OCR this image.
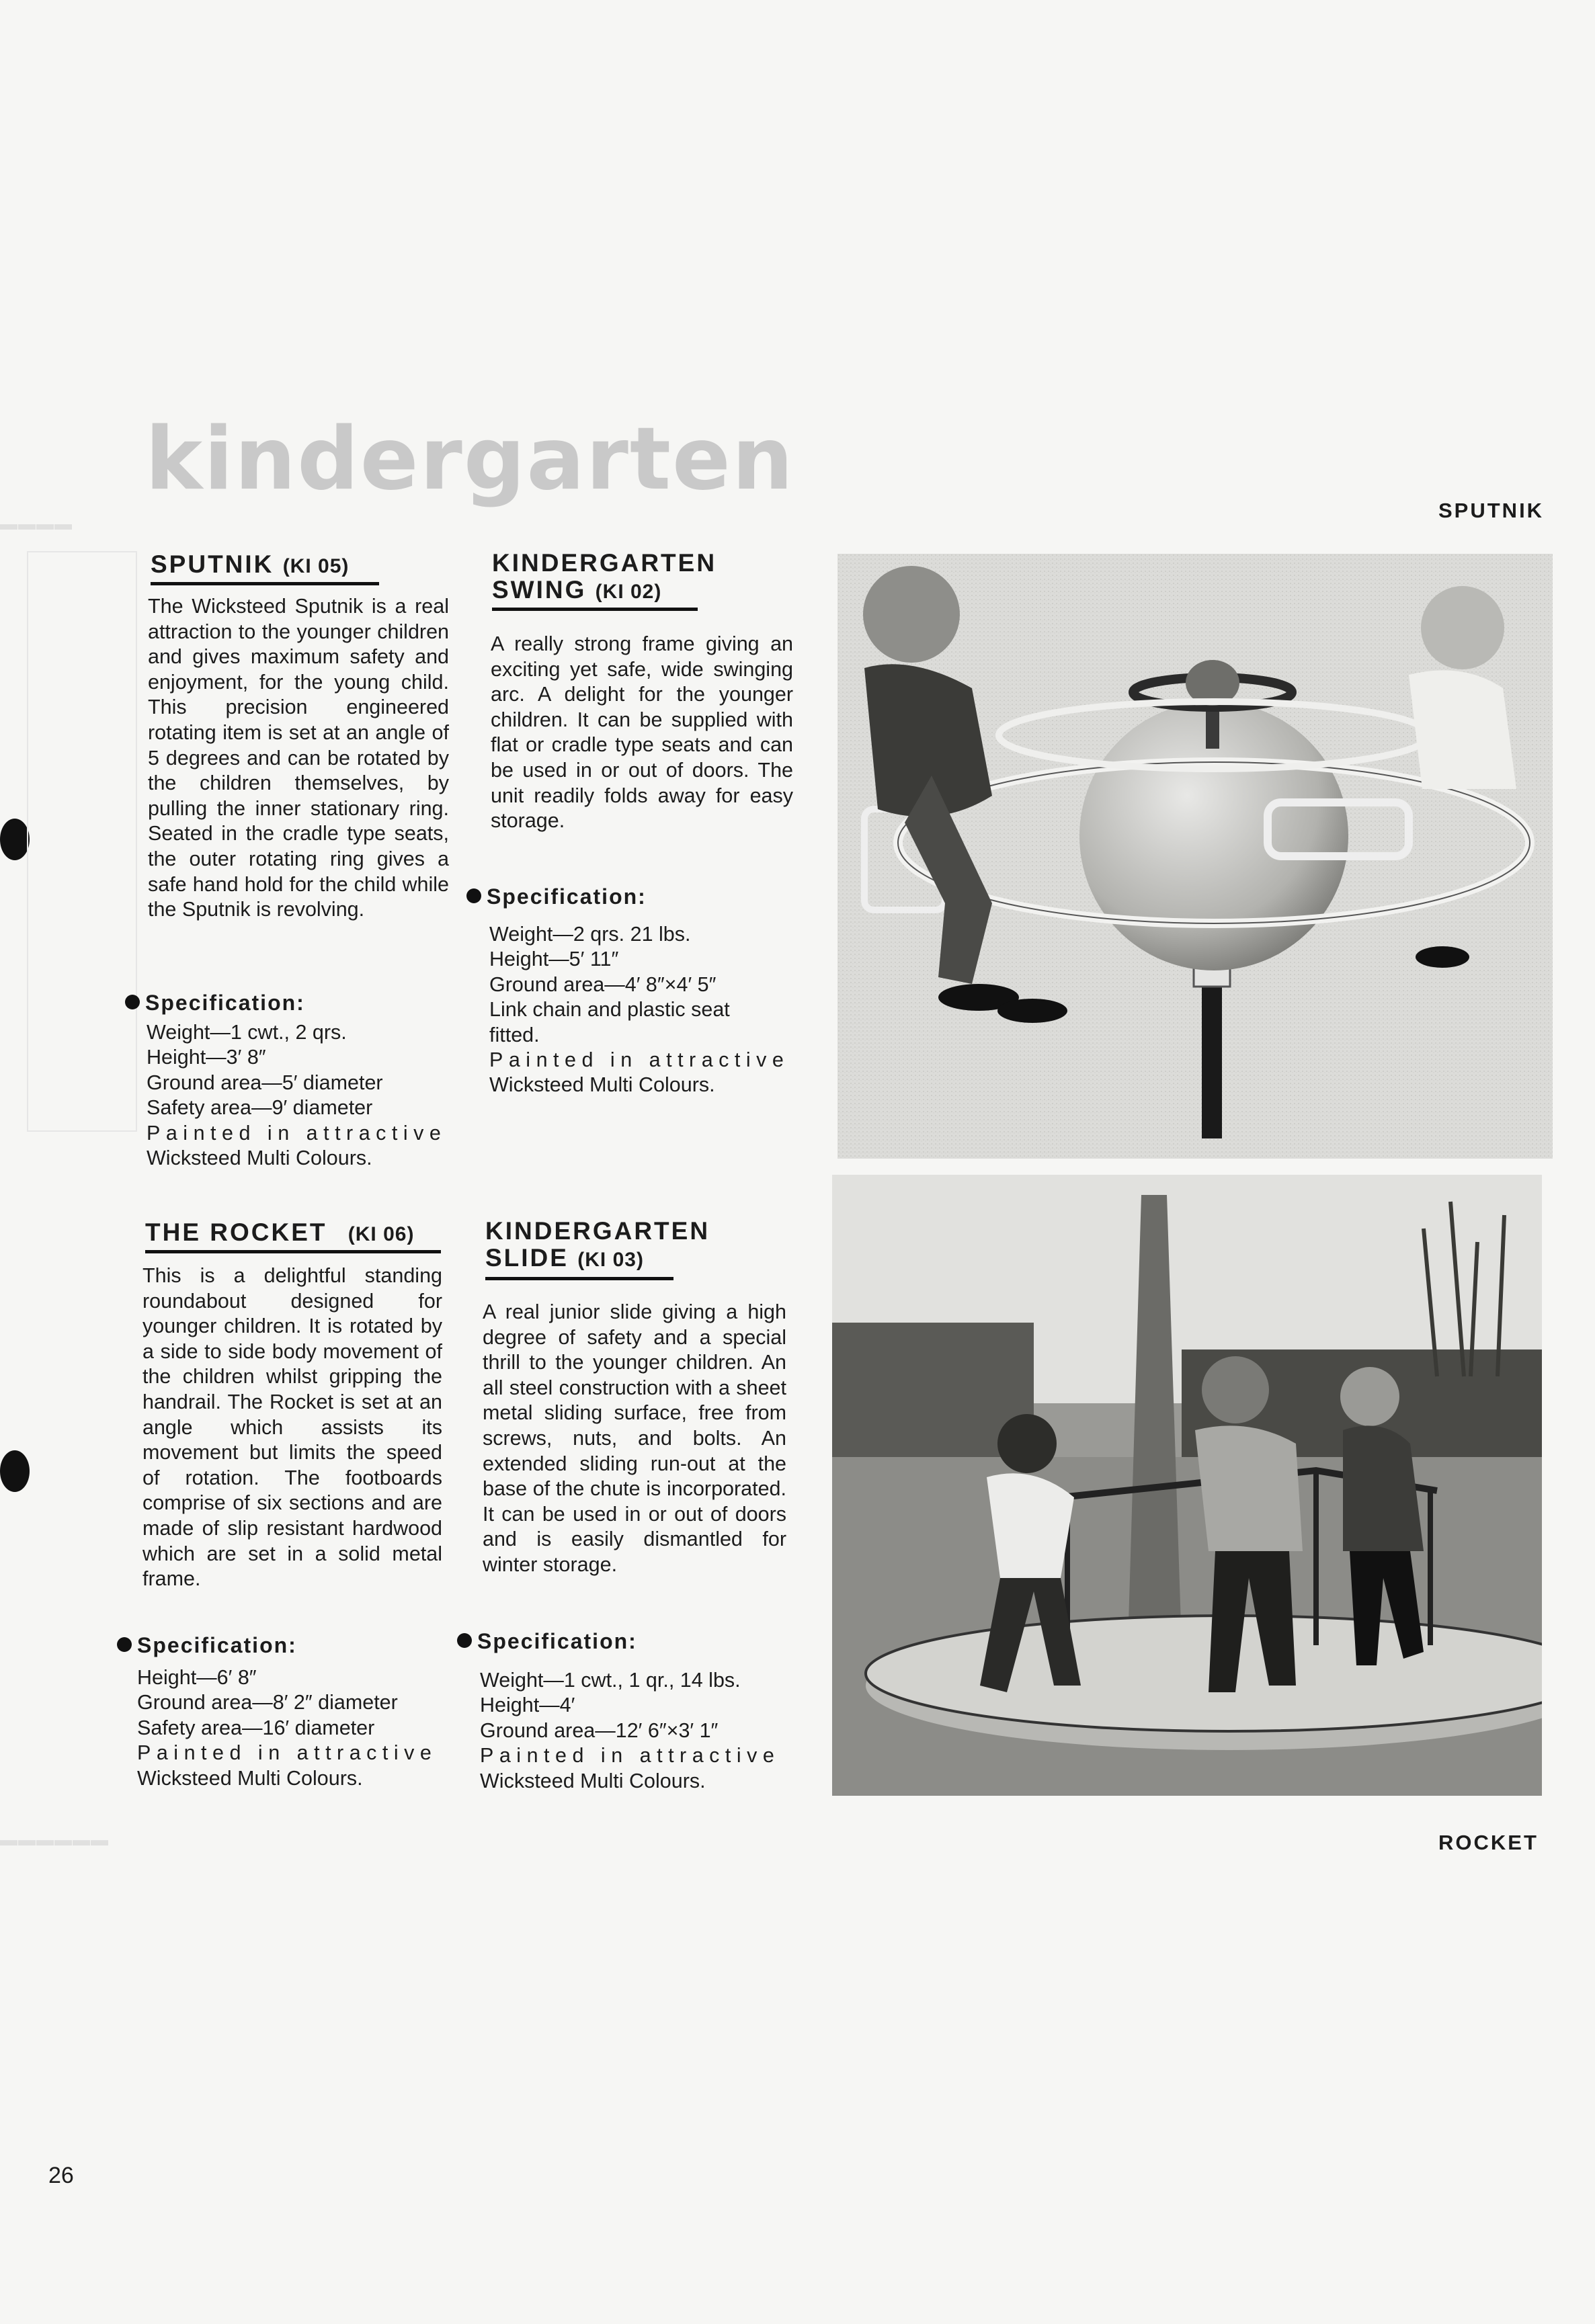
▬▬▬▬
▬▬▬▬▬▬
kindergarten
SPUTNIK (KI 05)
The Wicksteed Sputnik is a real attraction to the younger children and gives maximum safety and enjoyment, for the young child. This precision engineered rotating item is set at an angle of 5 degrees and can be rotated by the children themselves, by pulling the inner stationary ring. Seated in the cradle type seats, the outer rotating ring gives a safe hand hold for the child while the Sputnik is revolving.
Specification:
Weight—1 cwt., 2 qrs.
Height—3′ 8″
Ground area—5′ diameter
Safety area—9′ diameter
Painted in attractive
Wicksteed Multi Colours.
KINDERGARTEN
SWING (KI 02)
A really strong frame giving an exciting yet safe, wide swinging arc. A delight for the younger children. It can be supplied with flat or cradle type seats and can be used in or out of doors. The unit readily folds away for easy storage.
Specification:
Weight—2 qrs. 21 lbs.
Height—5′ 11″
Ground area—4′ 8″×4′ 5″
Link chain and plastic seat
fitted.
Painted in attractive
Wicksteed Multi Colours.
THE ROCKET (KI 06)
This is a delightful standing roundabout designed for younger children. It is rotated by a side to side body movement of the children whilst gripping the handrail. The Rocket is set at an angle which assists its movement but limits the speed of rotation. The footboards comprise of six sections and are made of slip resistant hardwood which are set in a solid metal frame.
Specification:
Height—6′ 8″
Ground area—8′ 2″ diameter
Safety area—16′ diameter
Painted in attractive
Wicksteed Multi Colours.
KINDERGARTEN
SLIDE (KI 03)
A real junior slide giving a high degree of safety and a special thrill to the younger children. An all steel construction with a sheet metal sliding surface, free from screws, nuts, and bolts. An extended sliding run-out at the base of the chute is incorporated. It can be used in or out of doors and is easily dismantled for winter storage.
Specification:
Weight—1 cwt., 1 qr., 14 lbs.
Height—4′
Ground area—12′ 6″×3′ 1″
Painted in attractive
Wicksteed Multi Colours.
SPUTNIK
ROCKET
26
